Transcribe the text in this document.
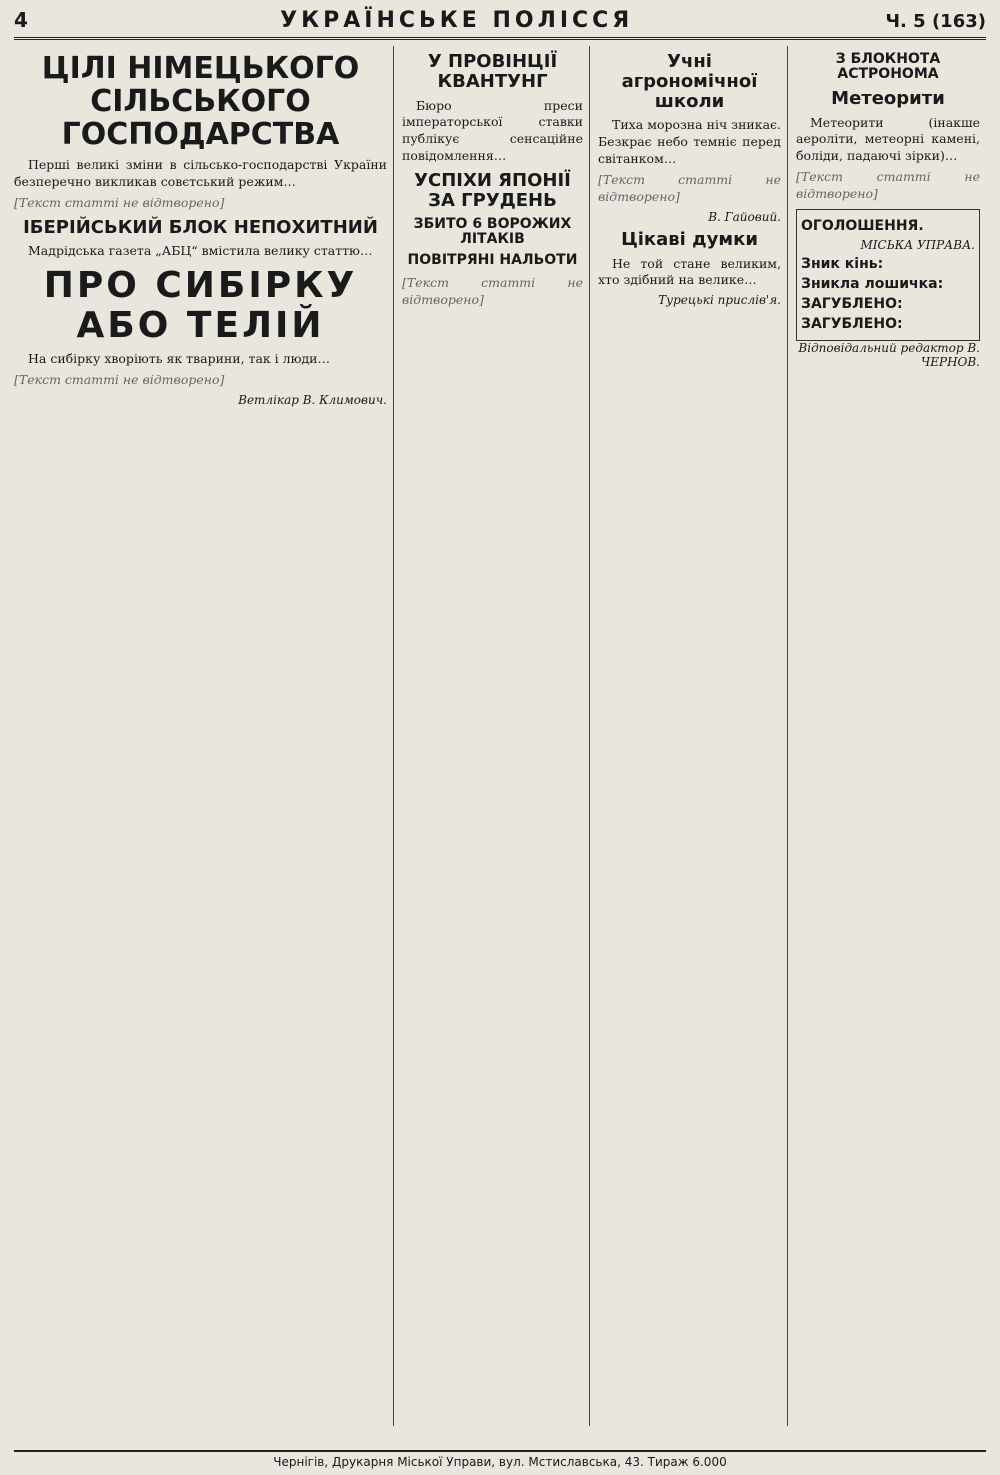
4	УКРАЇНСЬКЕ ПОЛІССЯ	Ч. 5 (163)
ЦІЛІ НІМЕЦЬКОГО СІЛЬСЬКОГО ГОСПОДАРСТВА

Перші великі зміни в сільсько-господарстві України безперечно викликав совєтський режим…

[Текст статті не відтворено]

ІБЕРІЙСЬКИЙ БЛОК НЕПОХИТНИЙ

Мадрідська газета „АБЦ“ вмістила велику статтю…

ПРО СИБІРКУ АБО ТЕЛІЙ

На сибірку хворіють як тварини, так і люди…

[Текст статті не відтворено]

Ветлікар В. Климович.
У ПРОВІНЦІЇ КВАНТУНГ

Бюро преси імператорської ставки публікує сенсаційне повідомлення…

УСПІХИ ЯПОНІЇ ЗА ГРУДЕНЬ
ЗБИТО 6 ВОРОЖИХ ЛІТАКІВ
ПОВІТРЯНІ НАЛЬОТИ

[Текст статті не відтворено]

Учні агрономічної школи

Тиха морозна ніч зникає. Безкрає небо темніє перед світанком…

[Текст статті не відтворено]

В. Гайовий.
Цікаві думки

Не той стане великим, хто здібний на велике…

Турецькі прислів'я.
З БЛОКНОТА АСТРОНОМА
Метеорити

Метеорити (інакше аероліти, метеорні камені, боліди, падаючі зірки)…

[Текст статті не відтворено]

ОГОЛОШЕННЯ.
МІСЬКА УПРАВА.
Зник кінь:
Зникла лошичка:
ЗАГУБЛЕНО:
ЗАГУБЛЕНО:
Відповідальний редактор В. ЧЕРНОВ.
Чернігів, Друкарня Міської Управи, вул. Мстиславська, 43. Тираж 6.000
